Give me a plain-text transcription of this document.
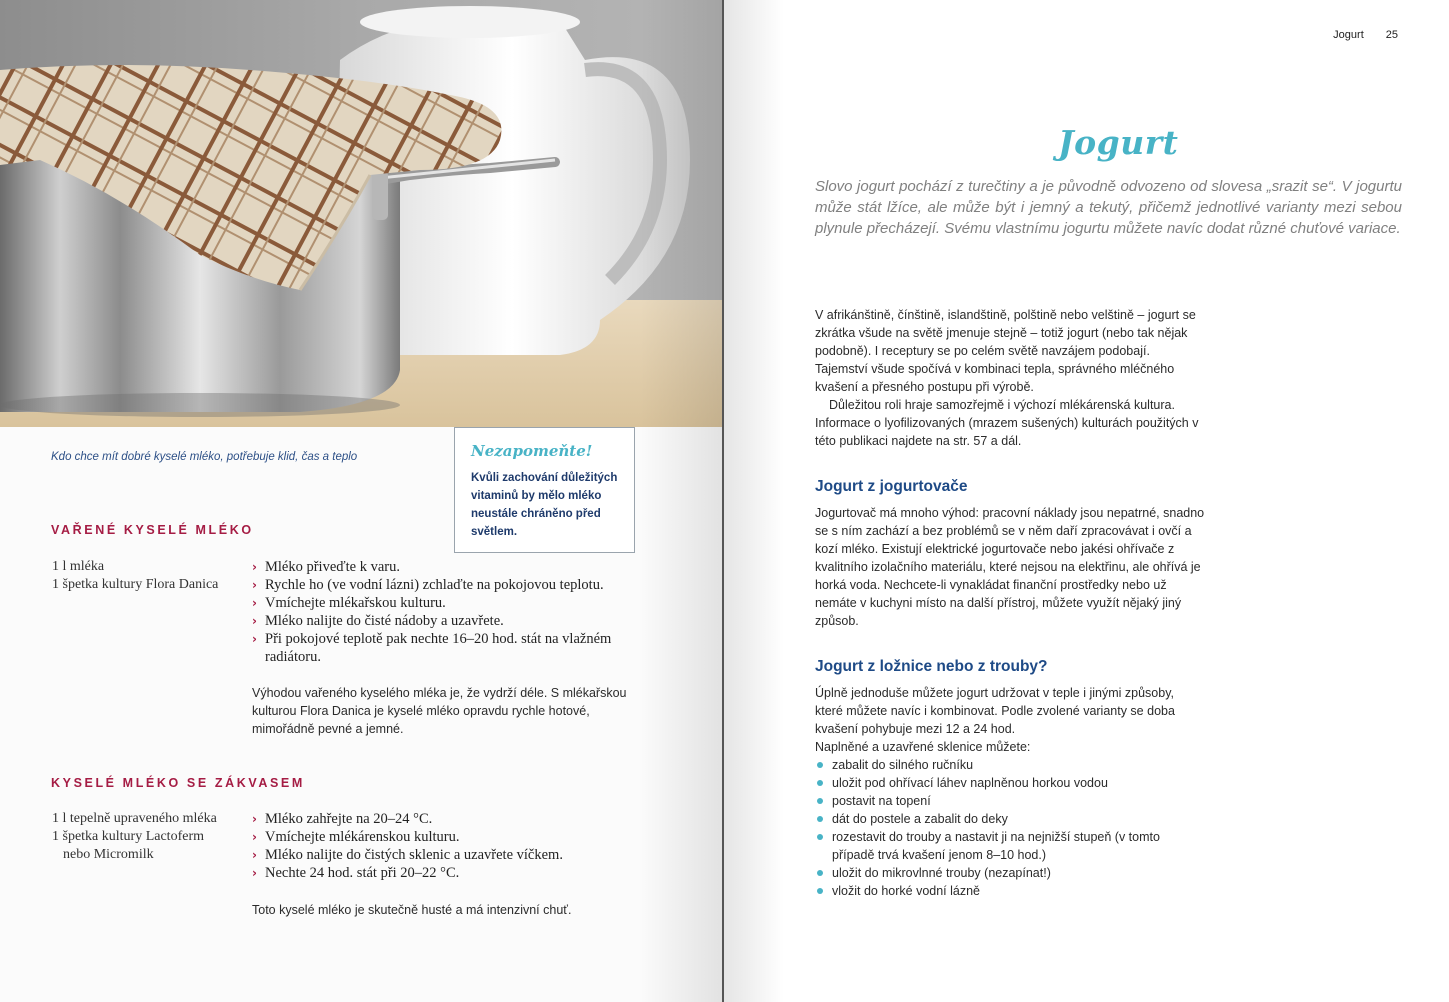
Kdo chce mít dobré kyselé mléko, potřebuje klid, čas a teplo	Nezapomeňte!
Kvůli zachování důležitých vitaminů by mělo mléko neustále chráněno před světlem.
VAŘENÉ KYSELÉ MLÉKO
1 l mléka
1 špetka kultury Flora Danica
› Mléko přiveďte k varu.
› Rychle ho (ve vodní lázni) zchlaďte na pokojovou teplotu.
› Vmíchejte mlékařskou kulturu.
› Mléko nalijte do čisté nádoby a uzavřete.
› Při pokojové teplotě pak nechte 16–20 hod. stát na vlažném radiátoru.
Výhodou vařeného kyselého mléka je, že vydrží déle. S mlékařskou kulturou Flora Danica je kyselé mléko opravdu rychle hotové, mimořádně pevné a jemné.
KYSELÉ MLÉKO SE ZÁKVASEM
1 l tepelně upraveného mléka
1 špetka kultury Lactoferm nebo Micromilk
› Mléko zahřejte na 20–24 °C.
› Vmíchejte mlékárenskou kulturu.
› Mléko nalijte do čistých sklenic a uzavřete víčkem.
› Nechte 24 hod. stát při 20–22 °C.
Toto kyselé mléko je skutečně husté a má intenzivní chuť.
Jogurt 25
Jogurt
Slovo jogurt pochází z turečtiny a je původně odvozeno od slovesa „srazit se“. V jogurtu může stát lžíce, ale může být i jemný a tekutý, přičemž jednotlivé varianty mezi sebou plynule přecházejí. Svému vlastnímu jogurtu můžete navíc dodat různé chuťové variace.

V afrikánštině, čínštině, islandštině, polštině nebo velštině – jogurt se zkrátka všude na světě jmenuje stejně – totiž jogurt (nebo tak nějak podobně). I receptury se po celém světě navzájem podobají. Tajemství všude spočívá v kombinaci tepla, správného mléčného kvašení a přesného postupu při výrobě.

Důležitou roli hraje samozřejmě i výchozí mlékárenská kultura. Informace o lyofilizovaných (mrazem sušených) kulturách použitých v této publikaci najdete na str. 57 a dál.

Jogurt z jogurtovače
Jogurtovač má mnoho výhod: pracovní náklady jsou nepatrné, snadno se s ním zachází a bez problémů se v něm daří zpracovávat i ovčí a kozí mléko. Existují elektrické jogurtovače nebo jakési ohřívače z kvalitního izolačního materiálu, které nejsou na elektřinu, ale ohřívá je horká voda. Nechcete-li vynakládat finanční prostředky nebo už nemáte v kuchyni místo na další přístroj, můžete využít nějaký jiný způsob.
Jogurt z ložnice nebo z trouby?

Úplně jednoduše můžete jogurt udržovat v teple i jinými způsoby, které můžete navíc i kombinovat. Podle zvolené varianty se doba kvašení pohybuje mezi 12 a 24 hod.

Naplněné a uzavřené sklenice můžete:

zabalit do silného ručníku
uložit pod ohřívací láhev naplněnou horkou vodou
postavit na topení
dát do postele a zabalit do deky
rozestavit do trouby a nastavit ji na nejnižší stupeň (v tomto případě trvá kvašení jenom 8–10 hod.)
uložit do mikrovlnné trouby (nezapínat!)
vložit do horké vodní lázně
